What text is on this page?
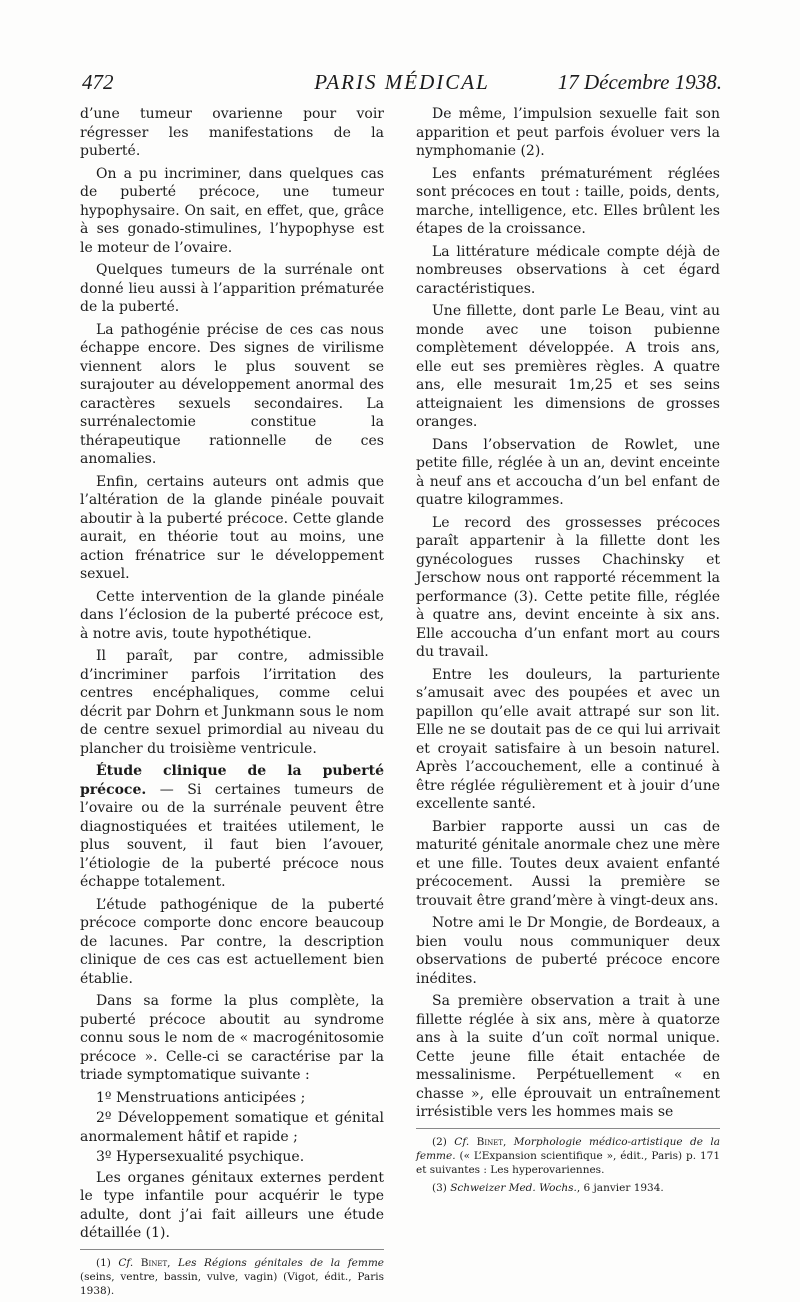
472	PARIS MÉDICAL	17 Décembre 1938.

d’une tumeur ovarienne pour voir régresser les manifestations de la puberté.

On a pu incriminer, dans quelques cas de puberté précoce, une tumeur hypophysaire. On sait, en effet, que, grâce à ses gonado-stimulines, l’hypophyse est le moteur de l’ovaire.

Quelques tumeurs de la surrénale ont donné lieu aussi à l’apparition prématurée de la puberté.

La pathogénie précise de ces cas nous échappe encore. Des signes de virilisme viennent alors le plus souvent se surajouter au développement anormal des caractères sexuels secondaires. La surrénalectomie constitue la thérapeutique rationnelle de ces anomalies.

Enfin, certains auteurs ont admis que l’altération de la glande pinéale pouvait aboutir à la puberté précoce. Cette glande aurait, en théorie tout au moins, une action frénatrice sur le développement sexuel.

Cette intervention de la glande pinéale dans l’éclosion de la puberté précoce est, à notre avis, toute hypothétique.

Il paraît, par contre, admissible d’incriminer parfois l’irritation des centres encéphaliques, comme celui décrit par Dohrn et Junkmann sous le nom de centre sexuel primordial au niveau du plancher du troisième ventricule.

Étude clinique de la puberté précoce. — Si certaines tumeurs de l’ovaire ou de la surrénale peuvent être diagnostiquées et traitées utilement, le plus souvent, il faut bien l’avouer, l’étiologie de la puberté précoce nous échappe totalement.

L’étude pathogénique de la puberté précoce comporte donc encore beaucoup de lacunes. Par contre, la description clinique de ces cas est actuellement bien établie.

Dans sa forme la plus complète, la puberté précoce aboutit au syndrome connu sous le nom de « macrogénitosomie précoce ». Celle-ci se caractérise par la triade symptomatique suivante :

1º Menstruations anticipées ;

2º Développement somatique et génital anormalement hâtif et rapide ;

3º Hypersexualité psychique.

Les organes génitaux externes perdent le type infantile pour acquérir le type adulte, dont j’ai fait ailleurs une étude détaillée (1).

(1) Cf. Binet, Les Régions génitales de la femme (seins, ventre, bassin, vulve, vagin) (Vigot, édit., Paris 1938).

De même, l’impulsion sexuelle fait son apparition et peut parfois évoluer vers la nymphomanie (2).

Les enfants prématurément réglées sont précoces en tout : taille, poids, dents, marche, intelligence, etc. Elles brûlent les étapes de la croissance.

La littérature médicale compte déjà de nombreuses observations à cet égard caractéristiques.

Une fillette, dont parle Le Beau, vint au monde avec une toison pubienne complètement développée. A trois ans, elle eut ses premières règles. A quatre ans, elle mesurait 1m,25 et ses seins atteignaient les dimensions de grosses oranges.

Dans l’observation de Rowlet, une petite fille, réglée à un an, devint enceinte à neuf ans et accoucha d’un bel enfant de quatre kilogrammes.

Le record des grossesses précoces paraît appartenir à la fillette dont les gynécologues russes Chachinsky et Jerschow nous ont rapporté récemment la performance (3). Cette petite fille, réglée à quatre ans, devint enceinte à six ans. Elle accoucha d’un enfant mort au cours du travail.

Entre les douleurs, la parturiente s’amusait avec des poupées et avec un papillon qu’elle avait attrapé sur son lit. Elle ne se doutait pas de ce qui lui arrivait et croyait satisfaire à un besoin naturel. Après l’accouchement, elle a continué à être réglée régulièrement et à jouir d’une excellente santé.

Barbier rapporte aussi un cas de maturité génitale anormale chez une mère et une fille. Toutes deux avaient enfanté précocement. Aussi la première se trouvait être grand’mère à vingt-deux ans.

Notre ami le Dr Mongie, de Bordeaux, a bien voulu nous communiquer deux observations de puberté précoce encore inédites.

Sa première observation a trait à une fillette réglée à six ans, mère à quatorze ans à la suite d’un coït normal unique. Cette jeune fille était entachée de messalinisme. Perpétuellement « en chasse », elle éprouvait un entraînement irrésistible vers les hommes mais se

(2) Cf. Binet, Morphologie médico-artistique de la femme. (« L’Expansion scientifique », édit., Paris) p. 171 et suivantes : Les hyperovariennes.

(3) Schweizer Med. Wochs., 6 janvier 1934.
